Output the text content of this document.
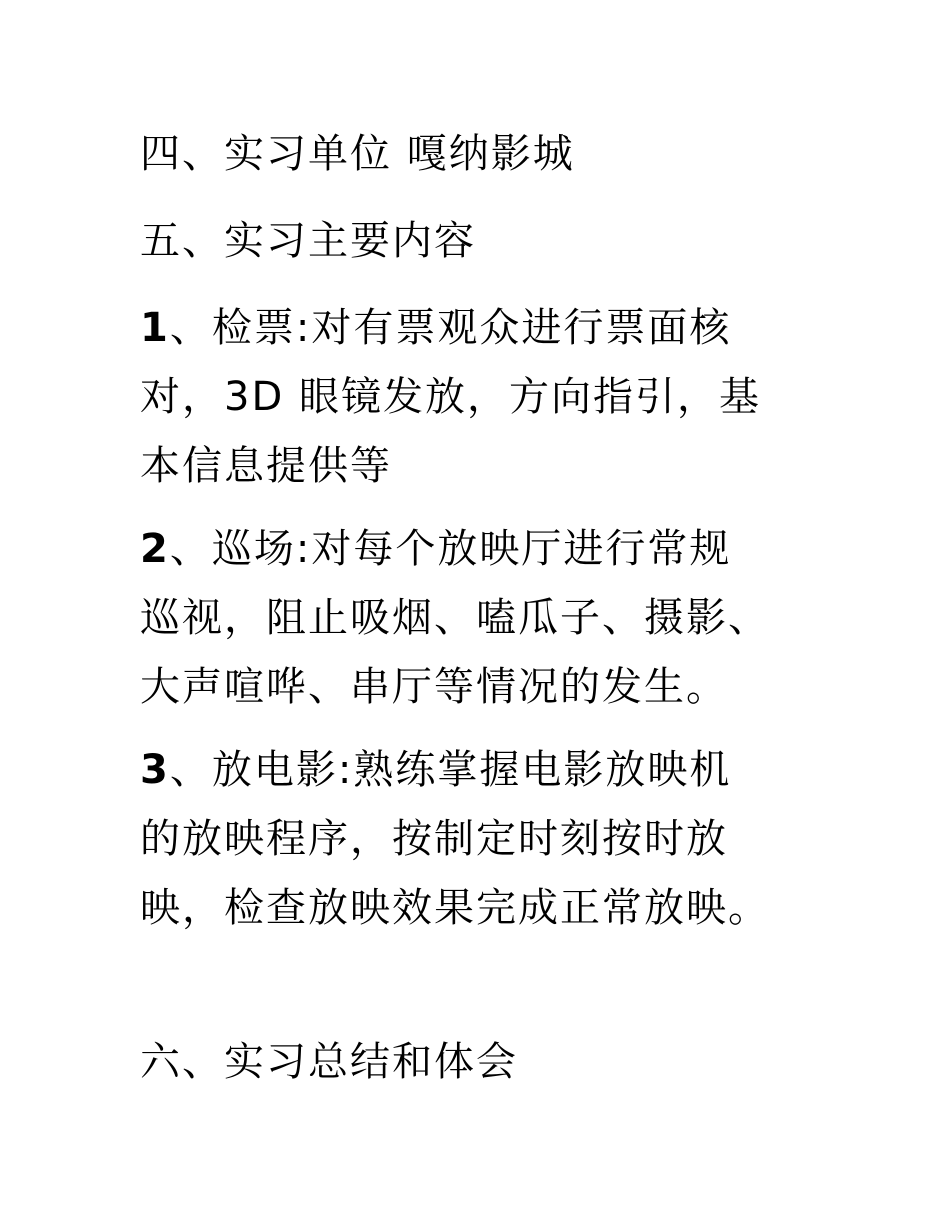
四、实习单位 嘎纳影城

五、实习主要内容

1、检票:对有票观众进行票面核
对，3D 眼镜发放，方向指引，基
本信息提供等
2、巡场:对每个放映厅进行常规
巡视，阻止吸烟、嗑瓜子、摄影、
大声喧哗、串厅等情况的发生。
3、放电影:熟练掌握电影放映机
的放映程序，按制定时刻按时放
映，检查放映效果完成正常放映。

六、实习总结和体会
